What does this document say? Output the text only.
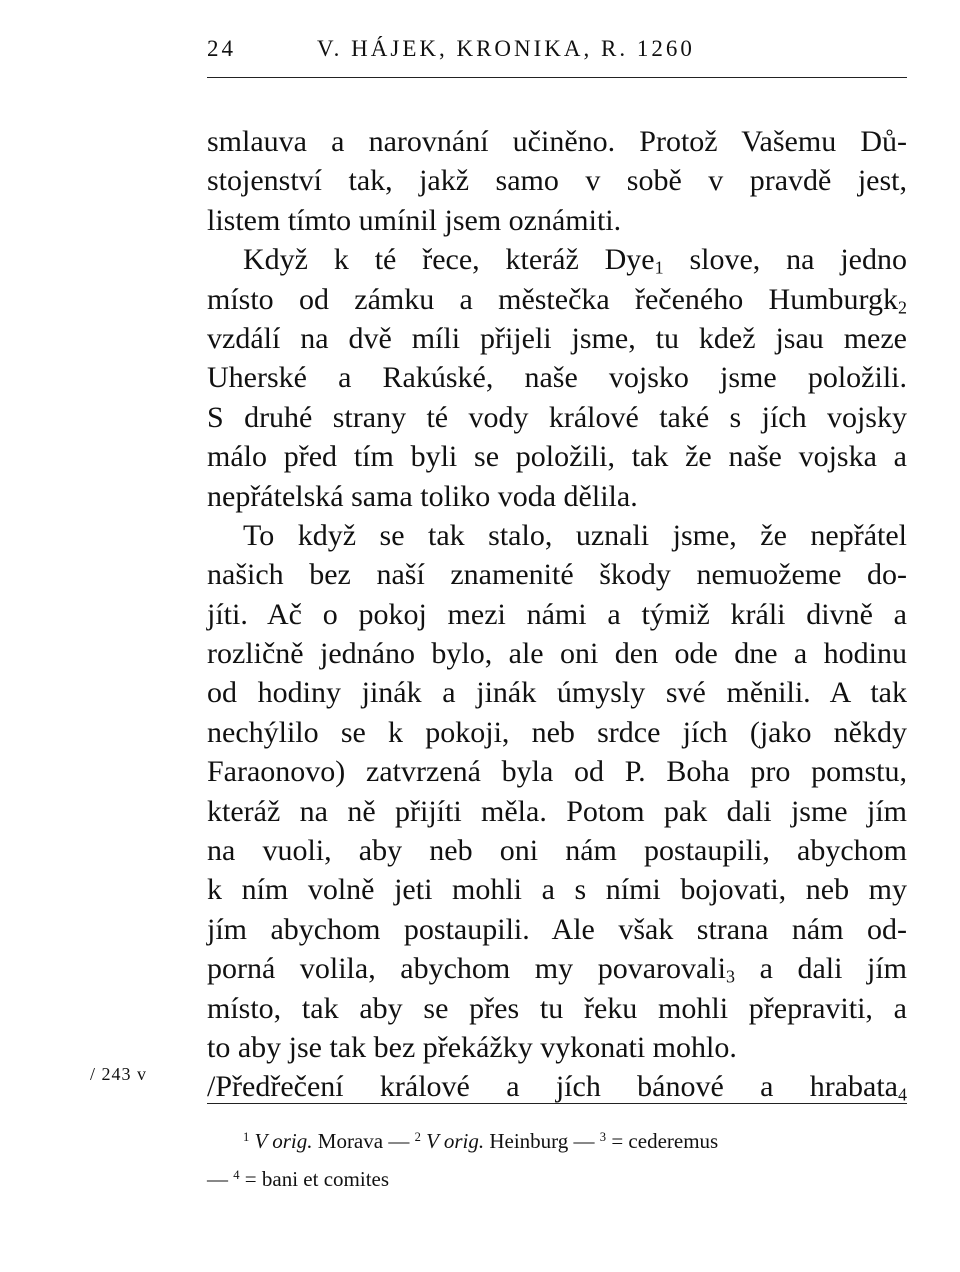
24	V. HÁJEK, KRONIKA, R. 1260
smlauva a narovnání učiněno. Protož Vašemu Dů-
stojenství tak, jakž samo v sobě v pravdě jest,
listem tímto umínil jsem oznámiti.
Když k té řece, kteráž Dye$_1$ slove, na jedno
místo od zámku a městečka řečeného Humburgk$_2$
vzdálí na dvě míli přijeli jsme, tu kdež jsau meze
Uherské a Rakúské, naše vojsko jsme položili.
S druhé strany té vody králové také s jích vojsky
málo před tím byli se položili, tak že naše vojska a
nepřátelská sama toliko voda dělila.
To když se tak stalo, uznali jsme, že nepřátel
našich bez naší znamenité škody nemuožeme do-
jíti. Ač o pokoj mezi námi a týmiž králi divně a
rozličně jednáno bylo, ale oni den ode dne a hodinu
od hodiny jinák a jinák úmysly své měnili. A tak
nechýlilo se k pokoji, neb srdce jích (jako někdy
Faraonovo) zatvrzená byla od P. Boha pro pomstu,
kteráž na ně přijíti měla. Potom pak dali jsme jím
na vuoli, aby neb oni nám postaupili, abychom
k ním volně jeti mohli a s ními bojovati, neb my
jím abychom postaupili. Ale však strana nám od-
porná volila, abychom my povarovali$_3$ a dali jím
místo, tak aby se přes tu řeku mohli přepraviti, a
to aby jse tak bez překážky vykonati mohlo.
/Předřečení králové a jích bánové a hrabata$_4$
/ 243 v
$^1$ V orig. Morava — $^2$ V orig. Heinburg — $^3$ = cederemus
— $^4$ = bani et comites
